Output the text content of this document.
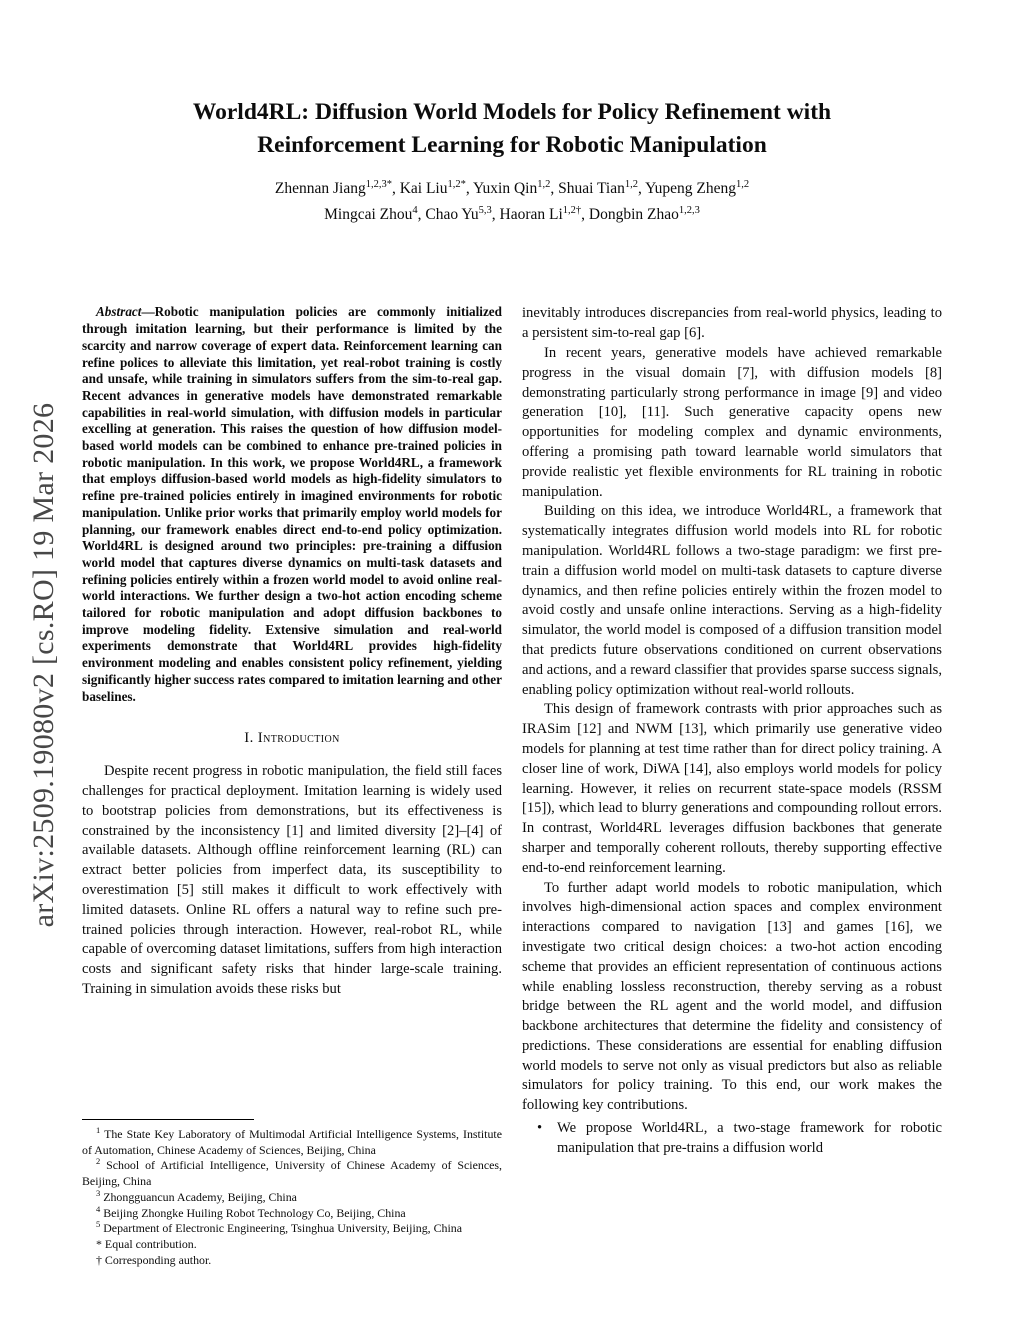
arXiv:2509.19080v2 [cs.RO] 19 Mar 2026
World4RL: Diffusion World Models for Policy Refinement with
Reinforcement Learning for Robotic Manipulation
Zhennan Jiang$^{1,2,3*}$, Kai Liu$^{1,2*}$, Yuxin Qin$^{1,2}$, Shuai Tian$^{1,2}$, Yupeng Zheng$^{1,2}$
Mingcai Zhou$^4$, Chao Yu$^{5,3}$, Haoran $Li^{1,2\dagger}$, Dongbin Zhao$^{1,2,3}$

Abstract—Robotic manipulation policies are commonly initialized through imitation learning, but their performance is limited by the scarcity and narrow coverage of expert data. Reinforcement learning can refine polices to alleviate this limitation, yet real-robot training is costly and unsafe, while training in simulators suffers from the sim-to-real gap. Recent advances in generative models have demonstrated remarkable capabilities in real-world simulation, with diffusion models in particular excelling at generation. This raises the question of how diffusion model-based world models can be combined to enhance pre-trained policies in robotic manipulation. In this work, we propose World4RL, a framework that employs diffusion-based world models as high-fidelity simulators to refine pre-trained policies entirely in imagined environments for robotic manipulation. Unlike prior works that primarily employ world models for planning, our framework enables direct end-to-end policy optimization. World4RL is designed around two principles: pre-training a diffusion world model that captures diverse dynamics on multi-task datasets and refining policies entirely within a frozen world model to avoid online real-world interactions. We further design a two-hot action encoding scheme tailored for robotic manipulation and adopt diffusion backbones to improve modeling fidelity. Extensive simulation and real-world experiments demonstrate that World4RL provides high-fidelity environment modeling and enables consistent policy refinement, yielding significantly higher success rates compared to imitation learning and other baselines.

I. Introduction

Despite recent progress in robotic manipulation, the field still faces challenges for practical deployment. Imitation learning is widely used to bootstrap policies from demonstrations, but its effectiveness is constrained by the inconsistency [1] and limited diversity [2]–[4] of available datasets. Although offline reinforcement learning (RL) can extract better policies from imperfect data, its susceptibility to overestimation [5] still makes it difficult to work effectively with limited datasets. Online RL offers a natural way to refine such pre-trained policies through interaction. However, real-robot RL, while capable of overcoming dataset limitations, suffers from high interaction costs and significant safety risks that hinder large-scale training. Training in simulation avoids these risks but

$^1$ The State Key Laboratory of Multimodal Artificial Intelligence Systems, Institute of Automation, Chinese Academy of Sciences, Beijing, China
$^2$ School of Artificial Intelligence, University of Chinese Academy of Sciences, Beijing, China
$^3$ Zhongguancun Academy, Beijing, China
$^4$ Beijing Zhongke Huiling Robot Technology Co, Beijing, China
$^5$ Department of Electronic Engineering, Tsinghua University, Beijing, China
* Equal contribution.
† Corresponding author.

inevitably introduces discrepancies from real-world physics, leading to a persistent sim-to-real gap [6].

In recent years, generative models have achieved remarkable progress in the visual domain [7], with diffusion models [8] demonstrating particularly strong performance in image [9] and video generation [10], [11]. Such generative capacity opens new opportunities for modeling complex and dynamic environments, offering a promising path toward learnable world simulators that provide realistic yet flexible environments for RL training in robotic manipulation.

Building on this idea, we introduce World4RL, a framework that systematically integrates diffusion world models into RL for robotic manipulation. World4RL follows a two-stage paradigm: we first pre-train a diffusion world model on multi-task datasets to capture diverse dynamics, and then refine policies entirely within the frozen model to avoid costly and unsafe online interactions. Serving as a high-fidelity simulator, the world model is composed of a diffusion transition model that predicts future observations conditioned on current observations and actions, and a reward classifier that provides sparse success signals, enabling policy optimization without real-world rollouts.

This design of framework contrasts with prior approaches such as IRASim [12] and NWM [13], which primarily use generative video models for planning at test time rather than for direct policy training. A closer line of work, DiWA [14], also employs world models for policy learning. However, it relies on recurrent state-space models (RSSM [15]), which lead to blurry generations and compounding rollout errors. In contrast, World4RL leverages diffusion backbones that generate sharper and temporally coherent rollouts, thereby supporting effective end-to-end reinforcement learning.

To further adapt world models to robotic manipulation, which involves high-dimensional action spaces and complex environment interactions compared to navigation [13] and games [16], we investigate two critical design choices: a two-hot action encoding scheme that provides an efficient representation of continuous actions while enabling lossless reconstruction, thereby serving as a robust bridge between the RL agent and the world model, and diffusion backbone architectures that determine the fidelity and consistency of predictions. These considerations are essential for enabling diffusion world models to serve not only as visual predictors but also as reliable simulators for policy training. To this end, our work makes the following key contributions.

•	We propose World4RL, a two-stage framework for robotic manipulation that pre-trains a diffusion world
